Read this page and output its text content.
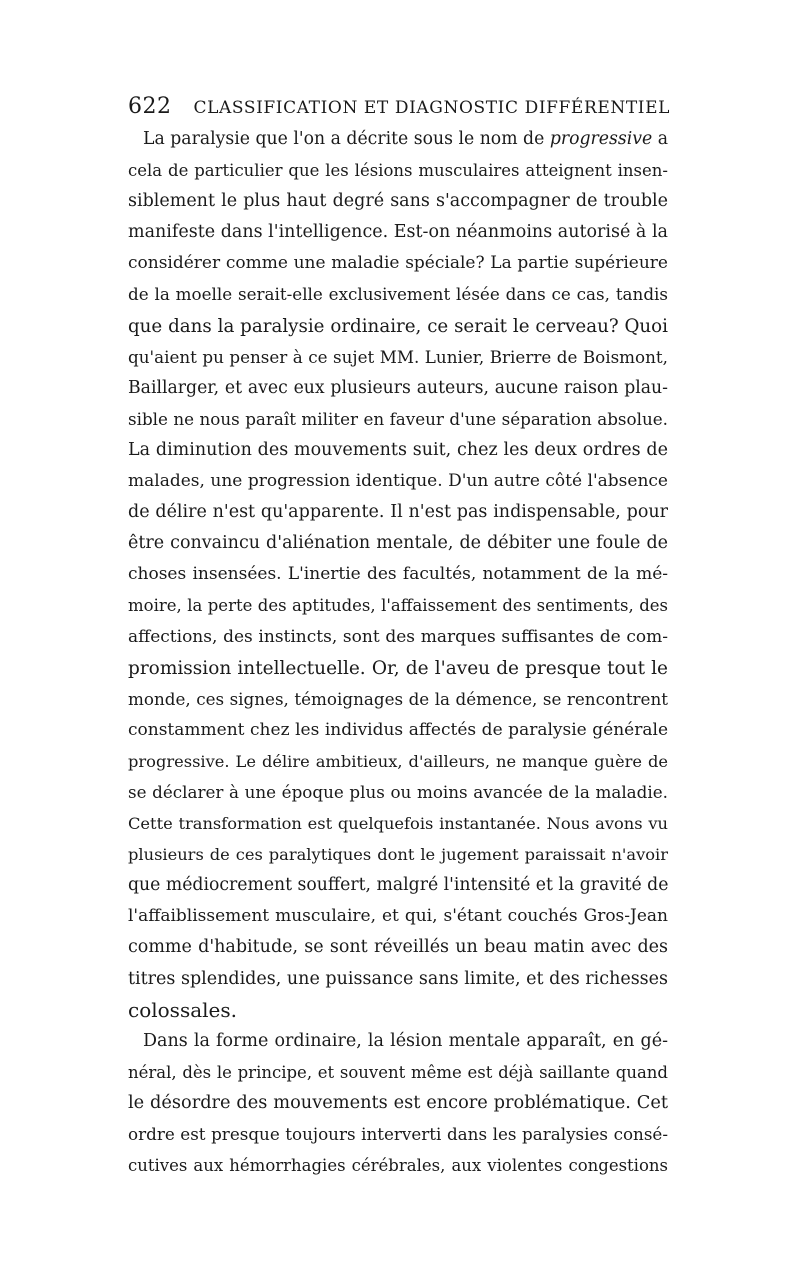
622 CLASSIFICATION ET DIAGNOSTIC DIFFÉRENTIEL
La paralysie que l'on a décrite sous le nom de progressive a
cela de particulier que les lésions musculaires atteignent insen-
siblement le plus haut degré sans s'accompagner de trouble
manifeste dans l'intelligence. Est-on néanmoins autorisé à la
considérer comme une maladie spéciale? La partie supérieure
de la moelle serait-elle exclusivement lésée dans ce cas, tandis
que dans la paralysie ordinaire, ce serait le cerveau? Quoi
qu'aient pu penser à ce sujet MM. Lunier, Brierre de Boismont,
Baillarger, et avec eux plusieurs auteurs, aucune raison plau-
sible ne nous paraît militer en faveur d'une séparation absolue.
La diminution des mouvements suit, chez les deux ordres de
malades, une progression identique. D'un autre côté l'absence
de délire n'est qu'apparente. Il n'est pas indispensable, pour
être convaincu d'aliénation mentale, de débiter une foule de
choses insensées. L'inertie des facultés, notamment de la mé-
moire, la perte des aptitudes, l'affaissement des sentiments, des
affections, des instincts, sont des marques suffisantes de com-
promission intellectuelle. Or, de l'aveu de presque tout le
monde, ces signes, témoignages de la démence, se rencontrent
constamment chez les individus affectés de paralysie générale
progressive. Le délire ambitieux, d'ailleurs, ne manque guère de
se déclarer à une époque plus ou moins avancée de la maladie.
Cette transformation est quelquefois instantanée. Nous avons vu
plusieurs de ces paralytiques dont le jugement paraissait n'avoir
que médiocrement souffert, malgré l'intensité et la gravité de
l'affaiblissement musculaire, et qui, s'étant couchés Gros-Jean
comme d'habitude, se sont réveillés un beau matin avec des
titres splendides, une puissance sans limite, et des richesses
colossales.
Dans la forme ordinaire, la lésion mentale apparaît, en gé-
néral, dès le principe, et souvent même est déjà saillante quand
le désordre des mouvements est encore problématique. Cet
ordre est presque toujours interverti dans les paralysies consé-
cutives aux hémorrhagies cérébrales, aux violentes congestions
